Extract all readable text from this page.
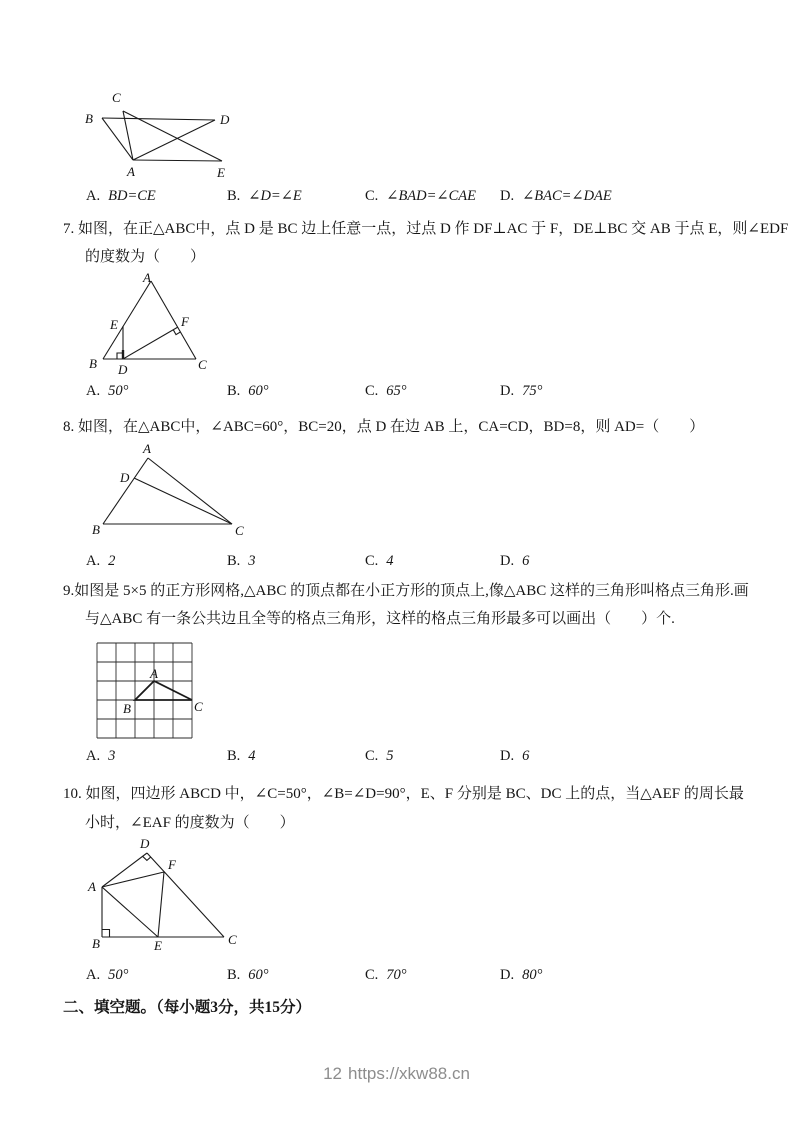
C
B	D
A	E
A. BD=CE	B. ∠D=∠E	C. ∠BAD=∠CAE D. ∠BAC=∠DAE
7. 如图，在正△ABC中，点 D 是 BC 边上任意一点，过点 D 作 DF⊥AC 于 F，DE⊥BC 交 AB 于点 E，则∠EDF
的度数为（　　）
A
E	F
B D	C
A. 50°	B. 60°	C. 65°	D. 75°
8. 如图，在△ABC中，∠ABC=60°，BC=20，点 D 在边 AB 上，CA=CD，BD=8，则 AD=（　　）
A
D
B	C
A. 2	B. 3	C. 4	D. 6
9.如图是 5×5 的正方形网格,△ABC 的顶点都在小正方形的顶点上,像△ABC 这样的三角形叫格点三角形.画
与△ABC 有一条公共边且全等的格点三角形，这样的格点三角形最多可以画出（　　）个.
A
B	C
A. 3	B. 4	C. 5	D. 6
10. 如图，四边形 ABCD 中，∠C=50°，∠B=∠D=90°，E、F 分别是 BC、DC 上的点，当△AEF 的周长最
小时，∠EAF 的度数为（　　）
D
F
A
B	E	C
A. 50°	B. 60°	C. 70°	D. 80°
二、填空题。（每小题3分，共15分）
12 https://xkw88.cn
